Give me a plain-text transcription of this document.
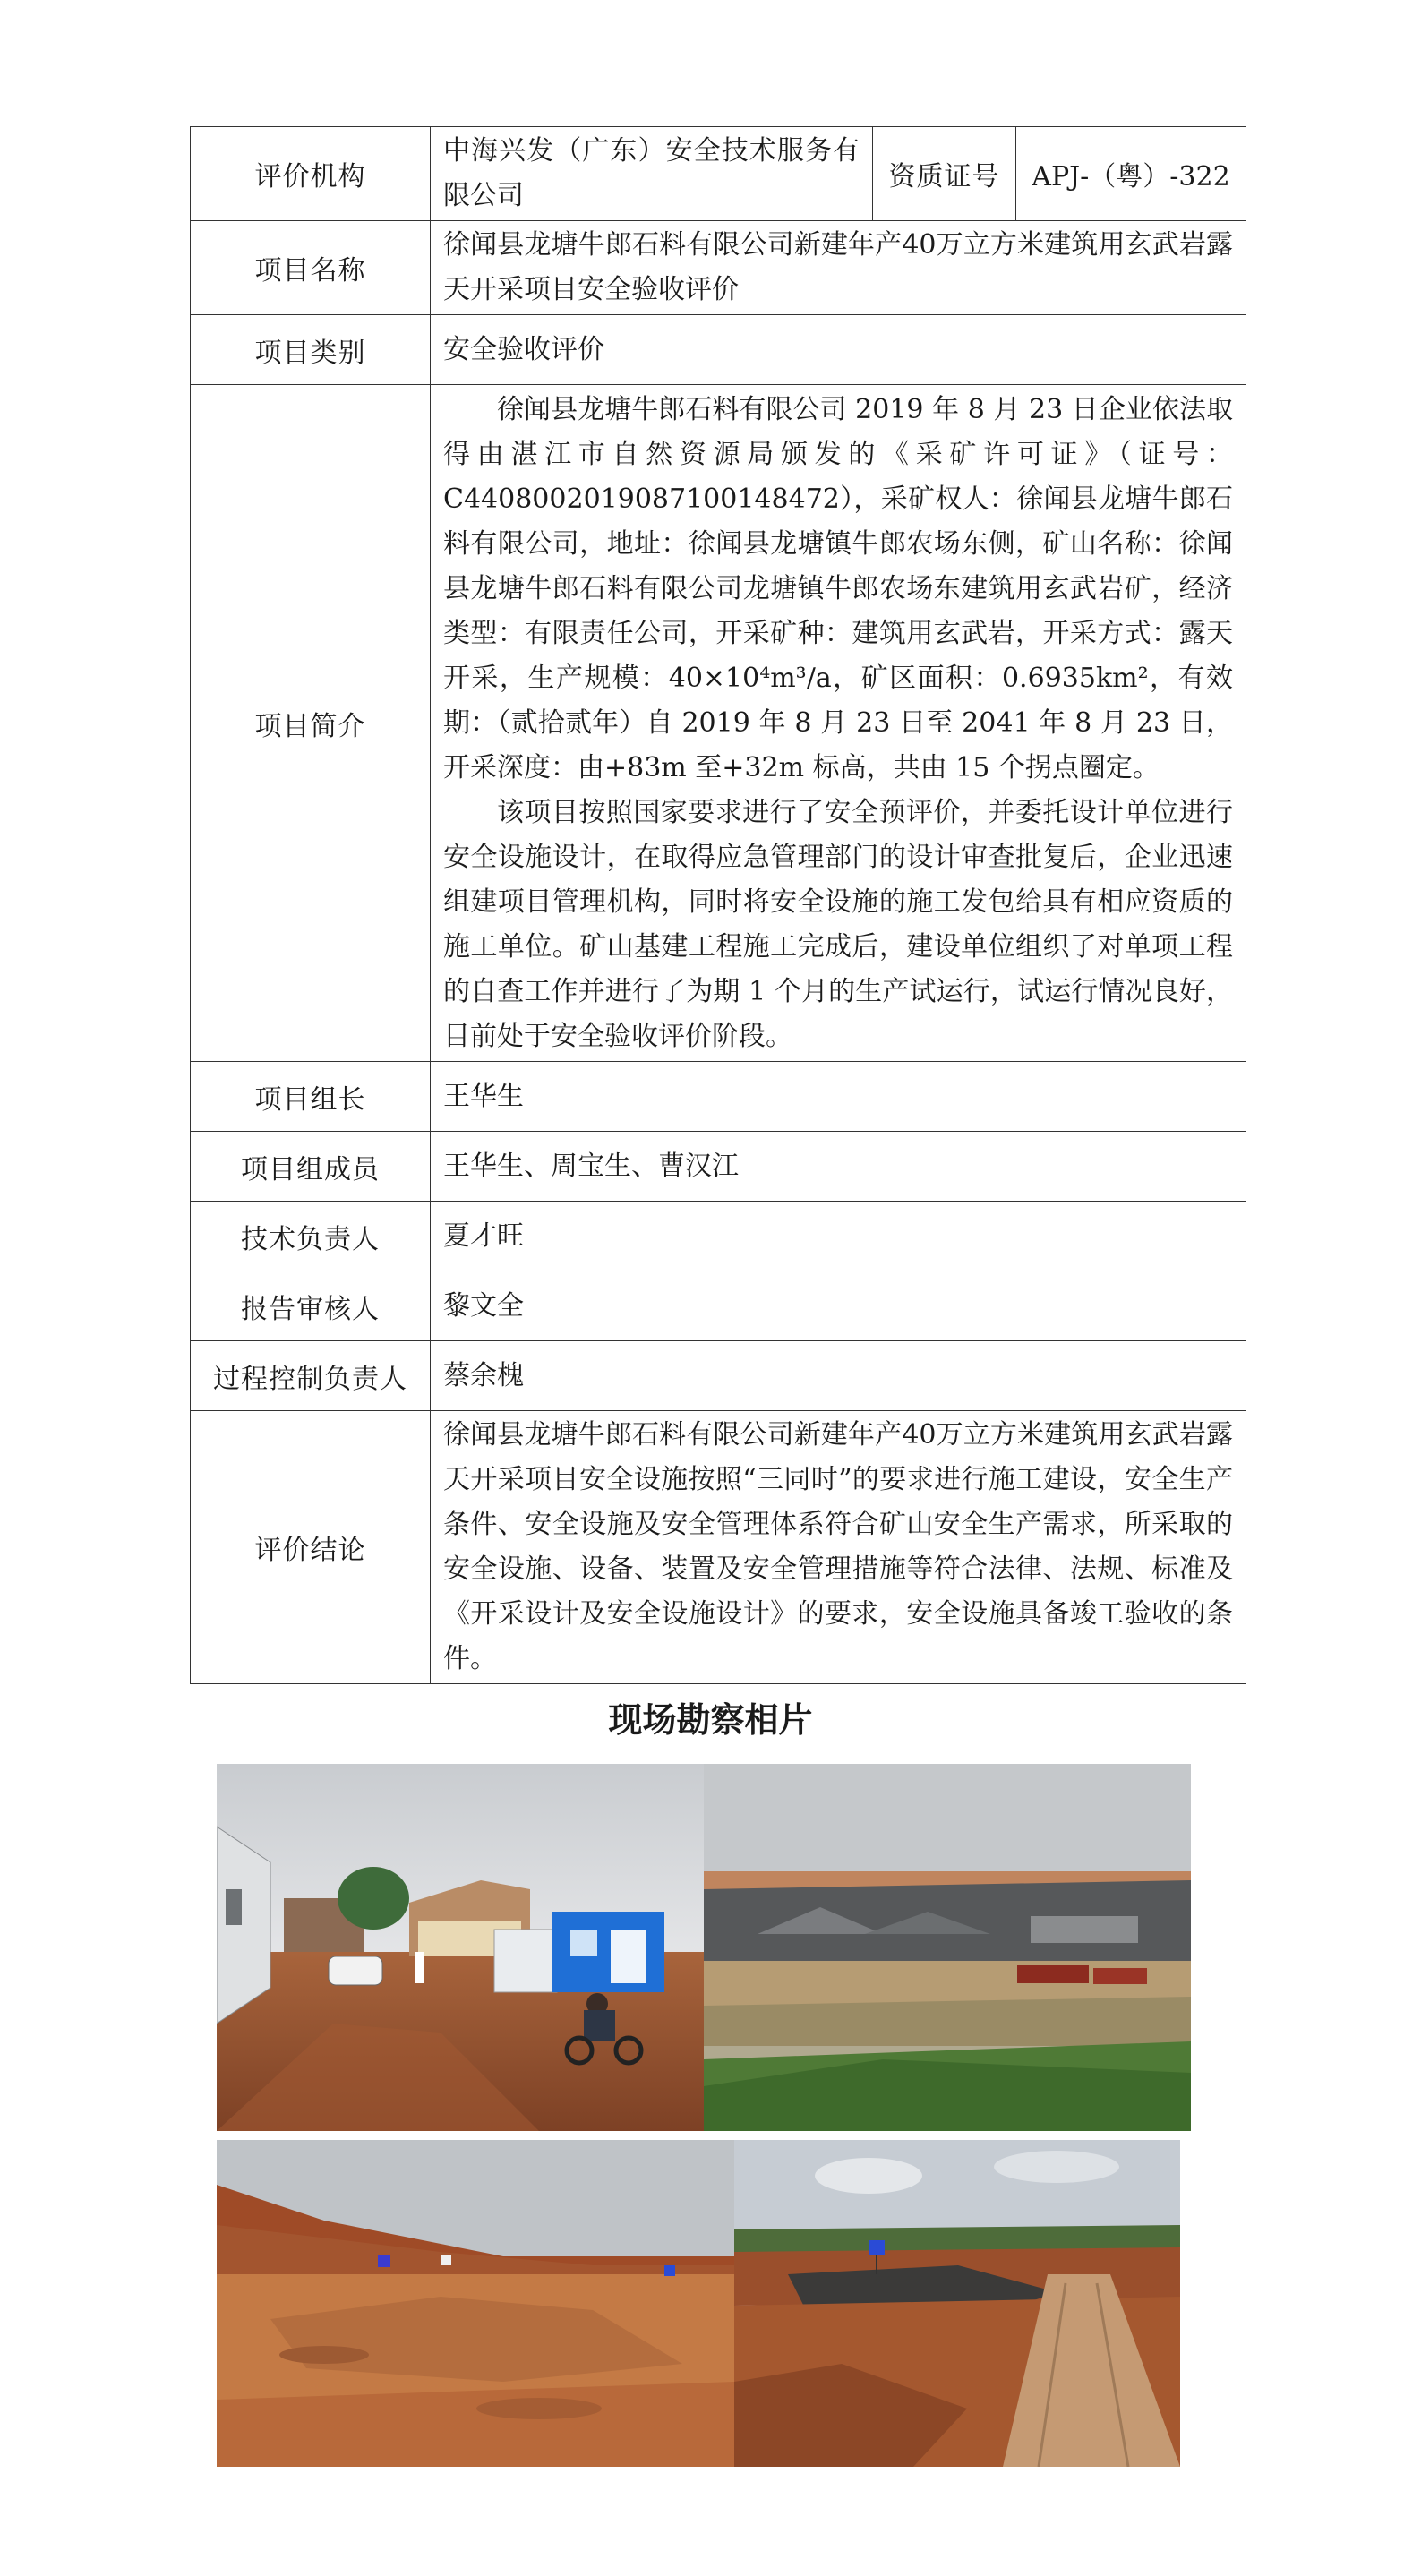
评价机构	中海兴发（广东）安全技术服务有限公司	资质证号	APJ-（粤）-322
项目名称	徐闻县龙塘牛郎石料有限公司新建年产40万立方米建筑用玄武岩露天开采项目安全验收评价		
项目类别	安全验收评价		
项目简介	徐闻县龙塘牛郎石料有限公司 2019 年 8 月 23 日企业依法取得由湛江市自然资源局颁发的《采矿许可证》（证号：C4408002019087100148472），采矿权人：徐闻县龙塘牛郎石料有限公司，地址：徐闻县龙塘镇牛郎农场东侧，矿山名称：徐闻县龙塘牛郎石料有限公司龙塘镇牛郎农场东建筑用玄武岩矿，经济类型：有限责任公司，开采矿种：建筑用玄武岩，开采方式：露天开采，生产规模：40×10⁴m³/a，矿区面积：0.6935km²，有效期：（贰拾贰年）自 2019 年 8 月 23 日至 2041 年 8 月 23 日，开采深度：由+83m 至+32m 标高，共由 15 个拐点圈定。

该项目按照国家要求进行了安全预评价，并委托设计单位进行安全设施设计，在取得应急管理部门的设计审查批复后，企业迅速组建项目管理机构，同时将安全设施的施工发包给具有相应资质的施工单位。矿山基建工程施工完成后，建设单位组织了对单项工程的自查工作并进行了为期 1 个月的生产试运行，试运行情况良好，目前处于安全验收评价阶段。		

项目组长	王华生		
项目组成员	王华生、周宝生、曹汉江		
技术负责人	夏才旺		
报告审核人	黎文全		
过程控制负责人	蔡余槐		
评价结论	徐闻县龙塘牛郎石料有限公司新建年产40万立方米建筑用玄武岩露天开采项目安全设施按照“三同时”的要求进行施工建设，安全生产条件、安全设施及安全管理体系符合矿山安全生产需求，所采取的安全设施、设备、装置及安全管理措施等符合法律、法规、标准及《开采设计及安全设施设计》的要求，安全设施具备竣工验收的条件。		
现场勘察相片
